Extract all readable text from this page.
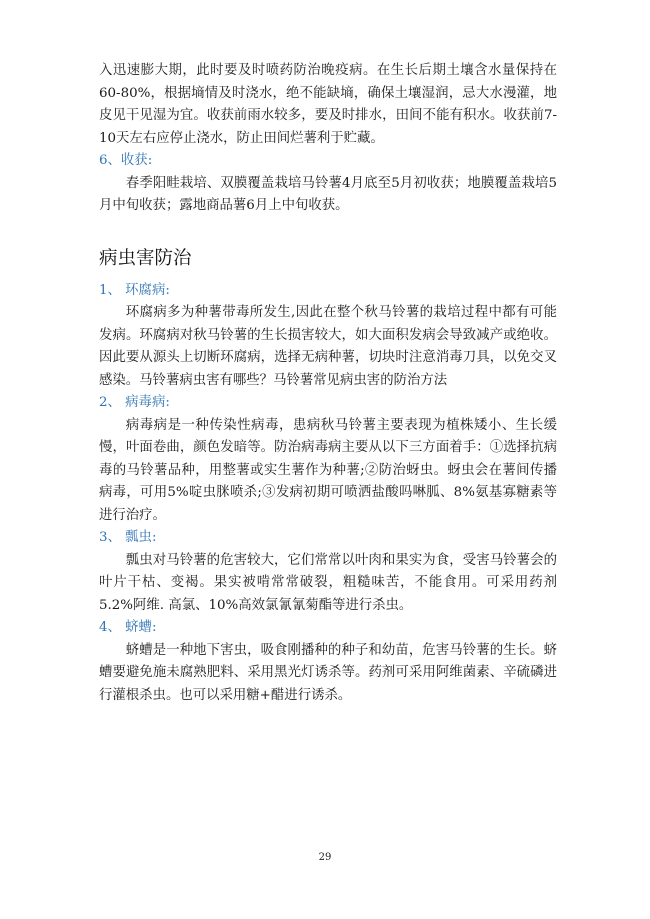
入迅速膨大期，此时要及时喷药防治晚疫病。在生长后期土壤含水量保持在60-80%，根据墒情及时浇水，绝不能缺墒，确保土壤湿润，忌大水漫灌，地皮见干见湿为宜。收获前雨水较多，要及时排水，田间不能有积水。收获前7-10天左右应停止浇水，防止田间烂薯利于贮藏。

6、收获:

春季阳畦栽培、双膜覆盖栽培马铃薯4月底至5月初收获；地膜覆盖栽培5月中旬收获；露地商品薯6月上中旬收获。

病虫害防治
1、 环腐病:

环腐病多为种薯带毒所发生,因此在整个秋马铃薯的栽培过程中都有可能发病。环腐病对秋马铃薯的生长损害较大，如大面积发病会导致减产或绝收。因此要从源头上切断环腐病，选择无病种薯，切块时注意消毒刀具，以免交叉感染。马铃薯病虫害有哪些？马铃薯常见病虫害的防治方法

2、 病毒病:

病毒病是一种传染性病毒，患病秋马铃薯主要表现为植株矮小、生长缓慢，叶面卷曲，颜色发暗等。防治病毒病主要从以下三方面着手：①选择抗病毒的马铃薯品种，用整薯或实生薯作为种薯;②防治蚜虫。蚜虫会在薯间传播病毒，可用5%啶虫脒喷杀;③发病初期可喷洒盐酸吗啉胍、8%氨基寡糖素等进行治疗。

3、 瓢虫:

瓢虫对马铃薯的危害较大，它们常常以叶肉和果实为食，受害马铃薯会的叶片干枯、变褐。果实被啃常常破裂，粗糙味苦，不能食用。可采用药剂5.2%阿维. 高氯、10%高效氯氰氰菊酯等进行杀虫。

4、 蛴螬:

蛴螬是一种地下害虫，吸食刚播种的种子和幼苗，危害马铃薯的生长。蛴螬要避免施未腐熟肥料、采用黑光灯诱杀等。药剂可采用阿维菌素、辛硫磷进行灌根杀虫。也可以采用糖+醋进行诱杀。

29
